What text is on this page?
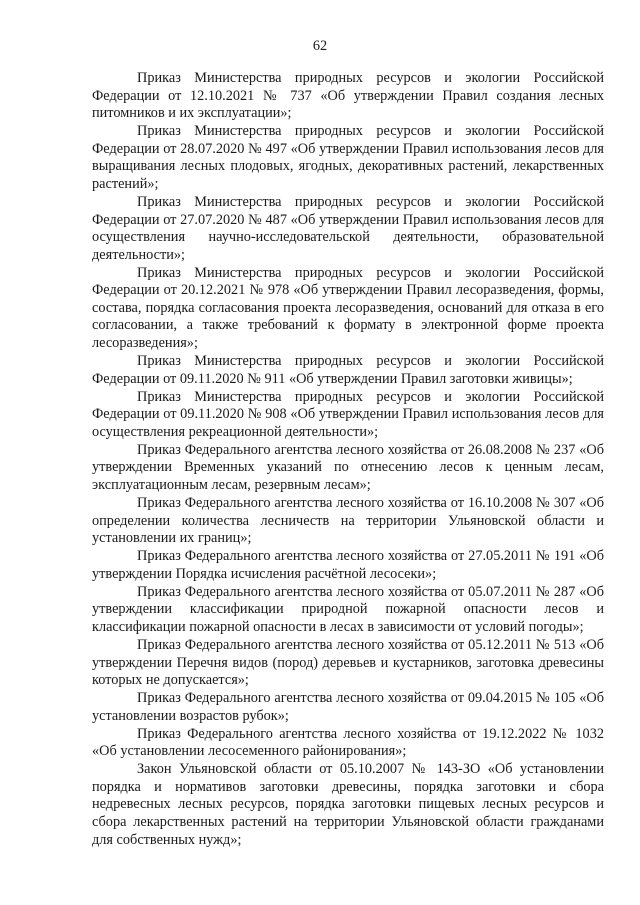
62

Приказ Министерства природных ресурсов и экологии Российской Федерации от 12.10.2021 № 737 «Об утверждении Правил создания лесных питомников и их эксплуатации»;

Приказ Министерства природных ресурсов и экологии Российской Федерации от 28.07.2020 № 497 «Об утверждении Правил использования лесов для выращивания лесных плодовых, ягодных, декоративных растений, лекарственных растений»;

Приказ Министерства природных ресурсов и экологии Российской Федерации от 27.07.2020 № 487 «Об утверждении Правил использования лесов для осуществления научно-исследовательской деятельности, образовательной деятельности»;

Приказ Министерства природных ресурсов и экологии Российской Федерации от 20.12.2021 № 978 «Об утверждении Правил лесоразведения, формы, состава, порядка согласования проекта лесоразведения, оснований для отказа в его согласовании, а также требований к формату в электронной форме проекта лесоразведения»;

Приказ Министерства природных ресурсов и экологии Российской Федерации от 09.11.2020 № 911 «Об утверждении Правил заготовки живицы»;

Приказ Министерства природных ресурсов и экологии Российской Федерации от 09.11.2020 № 908 «Об утверждении Правил использования лесов для осуществления рекреационной деятельности»;

Приказ Федерального агентства лесного хозяйства от 26.08.2008 № 237 «Об утверждении Временных указаний по отнесению лесов к ценным лесам, эксплуатационным лесам, резервным лесам»;

Приказ Федерального агентства лесного хозяйства от 16.10.2008 № 307 «Об определении количества лесничеств на территории Ульяновской области и установлении их границ»;

Приказ Федерального агентства лесного хозяйства от 27.05.2011 № 191 «Об утверждении Порядка исчисления расчётной лесосеки»;

Приказ Федерального агентства лесного хозяйства от 05.07.2011 № 287 «Об утверждении классификации природной пожарной опасности лесов и классификации пожарной опасности в лесах в зависимости от условий погоды»;

Приказ Федерального агентства лесного хозяйства от 05.12.2011 № 513 «Об утверждении Перечня видов (пород) деревьев и кустарников, заготовка древесины которых не допускается»;

Приказ Федерального агентства лесного хозяйства от 09.04.2015 № 105 «Об установлении возрастов рубок»;

Приказ Федерального агентства лесного хозяйства от 19.12.2022 № 1032 «Об установлении лесосеменного районирования»;

Закон Ульяновской области от 05.10.2007 № 143-ЗО «Об установлении порядка и нормативов заготовки древесины, порядка заготовки и сбора недревесных лесных ресурсов, порядка заготовки пищевых лесных ресурсов и сбора лекарственных растений на территории Ульяновской области гражданами для собственных нужд»;
